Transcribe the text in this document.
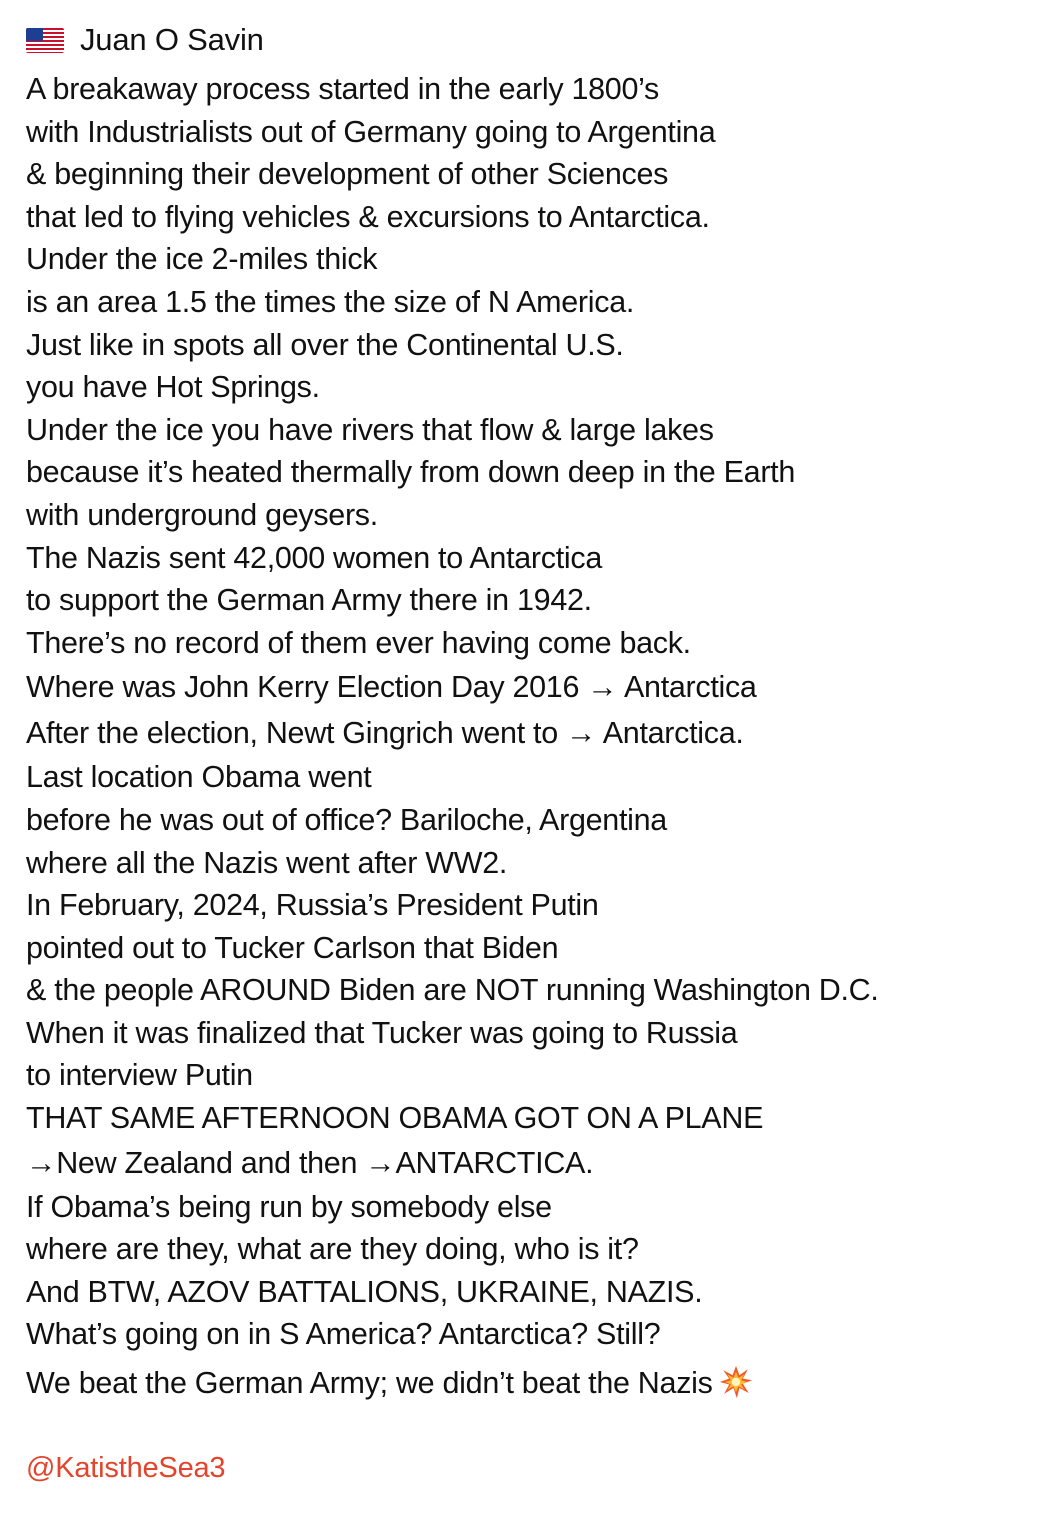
Juan O Savin
A breakaway process started in the early 1800’s
with Industrialists out of Germany going to Argentina
& beginning their development of other Sciences
that led to flying vehicles & excursions to Antarctica.
Under the ice 2-miles thick
is an area 1.5 the times the size of N America.
Just like in spots all over the Continental U.S.
you have Hot Springs.
Under the ice you have rivers that flow & large lakes
because it’s heated thermally from down deep in the Earth
with underground geysers.
The Nazis sent 42,000 women to Antarctica
to support the German Army there in 1942.
There’s no record of them ever having come back.
Where was John Kerry Election Day 2016 → Antarctica
After the election, Newt Gingrich went to → Antarctica.
Last location Obama went
before he was out of office? Bariloche, Argentina
where all the Nazis went after WW2.
In February, 2024, Russia’s President Putin
pointed out to Tucker Carlson that Biden
& the people AROUND Biden are NOT running Washington D.C.
When it was finalized that Tucker was going to Russia
to interview Putin
THAT SAME AFTERNOON OBAMA GOT ON A PLANE
→New Zealand and then →ANTARCTICA.
If Obama’s being run by somebody else
where are they, what are they doing, who is it?
And BTW, AZOV BATTALIONS, UKRAINE, NAZIS.
What’s going on in S America? Antarctica? Still?
We beat the German Army; we didn’t beat the Nazis
@KatistheSea3
